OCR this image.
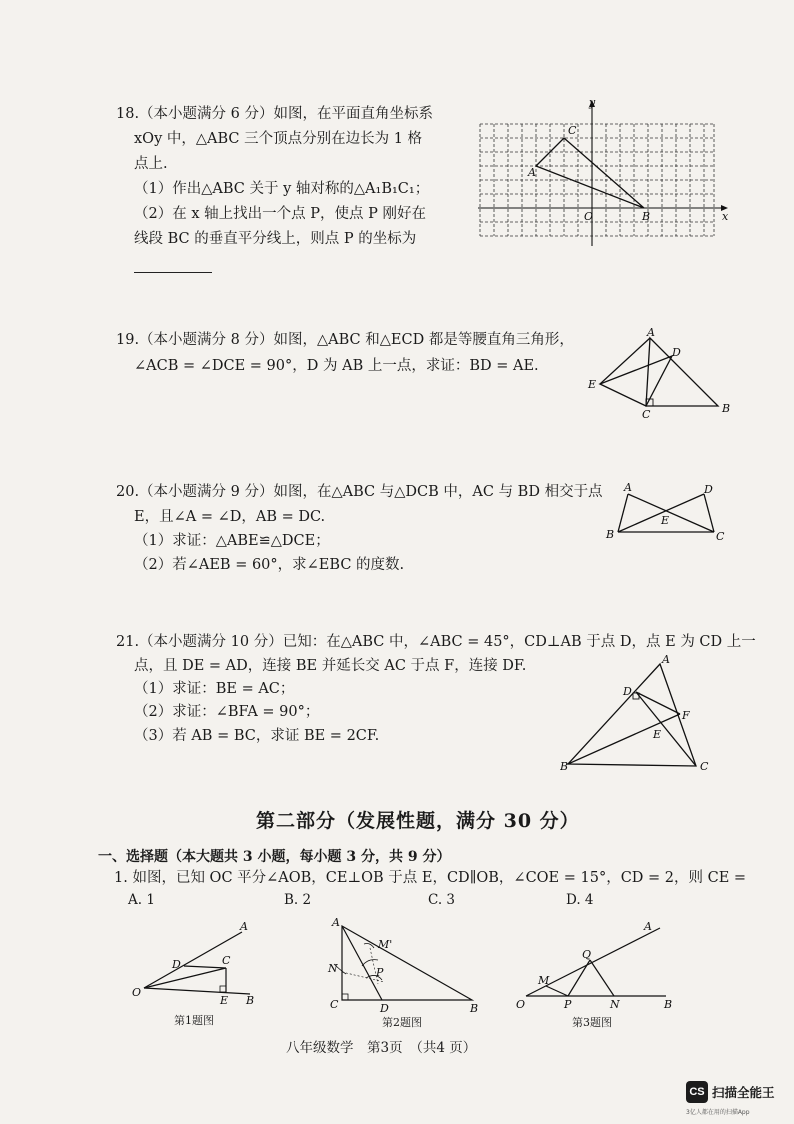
18.（本小题满分 6 分）如图，在平面直角坐标系
xOy 中，△ABC 三个顶点分别在边长为 1 格
点上.
（1）作出△ABC 关于 y 轴对称的△A₁B₁C₁；
（2）在 x 轴上找出一个点 P，使点 P 刚好在
线段 BC 的垂直平分线上，则点 P 的坐标为
y
x
O
A
B
C
19.（本小题满分 8 分）如图，△ABC 和△ECD 都是等腰直角三角形，
∠ACB = ∠DCE = 90°，D 为 AB 上一点，求证：BD = AE.
A
B
C
D
E
20.（本小题满分 9 分）如图，在△ABC 与△DCB 中，AC 与 BD 相交于点
E，且∠A = ∠D，AB = DC.
（1）求证：△ABE≌△DCE；
（2）若∠AEB = 60°，求∠EBC 的度数.
A	D
E
B	C
21.（本小题满分 10 分）已知：在△ABC 中，∠ABC = 45°，CD⊥AB 于点 D，点 E 为 CD 上一
点，且 DE = AD，连接 BE 并延长交 AC 于点 F，连接 DF.
（1）求证：BE = AC；
（2）求证：∠BFA = 90°；
（3）若 AB = BC，求证 BE = 2CF.
A
B	C
D
E
F
第二部分（发展性题，满分 30 分）
一、选择题（本大题共 3 小题，每小题 3 分，共 9 分）
1. 如图，已知 OC 平分∠AOB，CE⊥OB 于点 E，CD∥OB，∠COE = 15°，CD = 2，则 CE =
A. 1	B. 2	C. 3	D. 4
A
D	C
O
E B
第1题图
A
M'
N	P
C	D	B
第2题图
A
Q
M
O	P	N	B
第3题图
八年级数学　第3页　（共4 页）
CS 扫描全能王
3亿人都在用的扫描App
